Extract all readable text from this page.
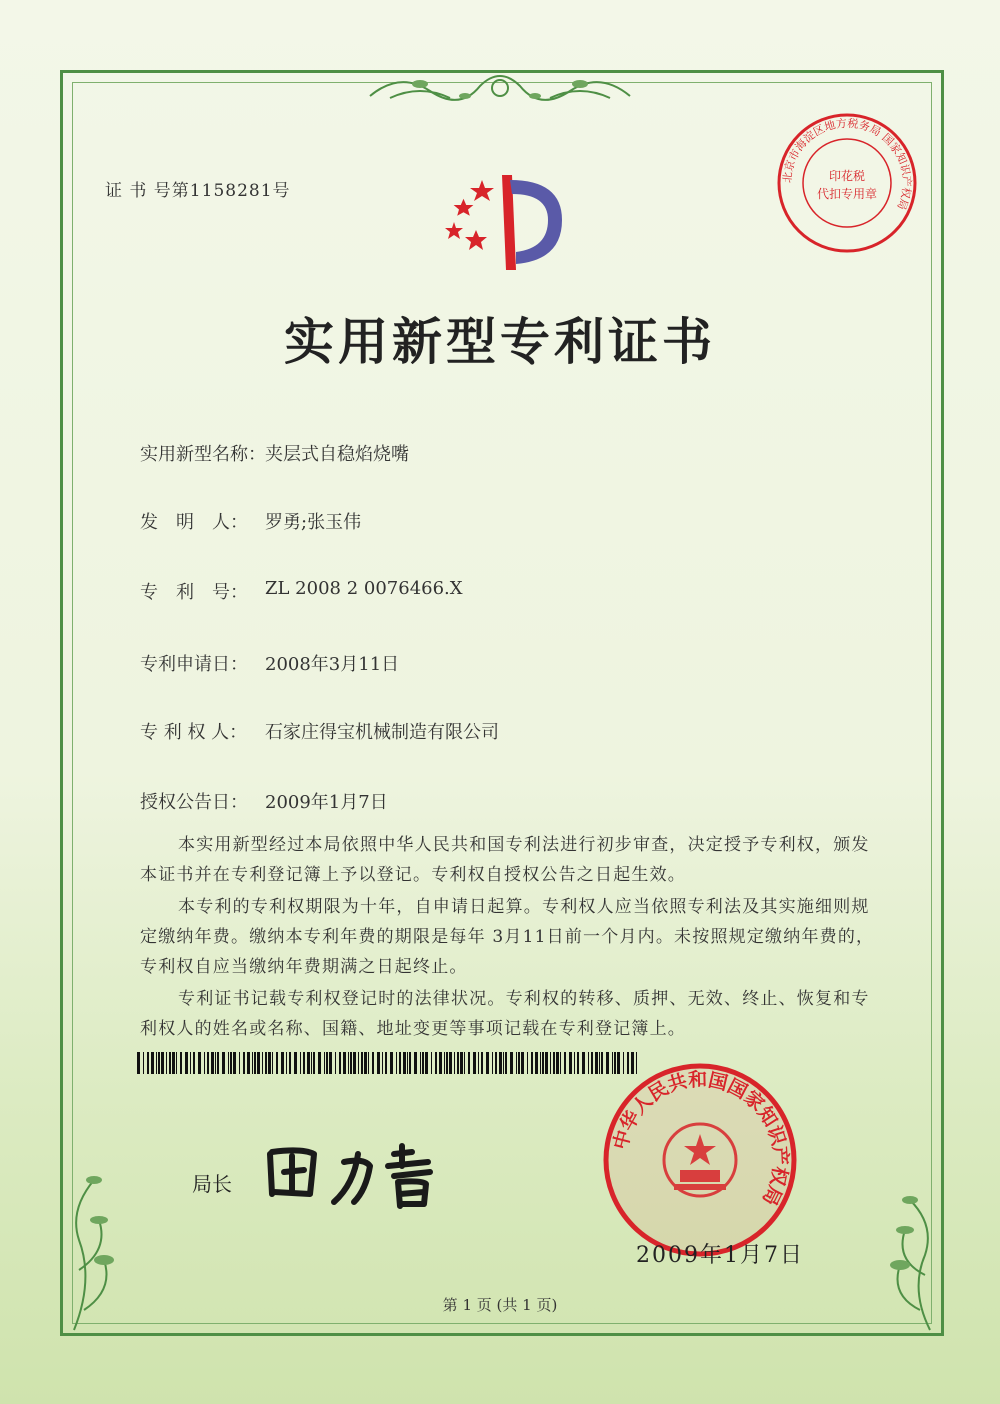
证 书 号第1158281号
实用新型专利证书
实用新型名称： 夹层式自稳焰烧嘴
发　明　人： 罗勇;张玉伟
专　利　号： ZL 2008 2 0076466.X
专利申请日： 2008年3月11日
专 利 权 人： 石家庄得宝机械制造有限公司
授权公告日： 2009年1月7日
本实用新型经过本局依照中华人民共和国专利法进行初步审查，决定授予专利权，颁发本证书并在专利登记簿上予以登记。专利权自授权公告之日起生效。
本专利的专利权期限为十年，自申请日起算。专利权人应当依照专利法及其实施细则规定缴纳年费。缴纳本专利年费的期限是每年 3月11日前一个月内。未按照规定缴纳年费的，专利权自应当缴纳年费期满之日起终止。
专利证书记载专利权登记时的法律状况。专利权的转移、质押、无效、终止、恢复和专利权人的姓名或名称、国籍、地址变更等事项记载在专利登记簿上。
局长
中华人民共和国国家知识产权局
北京市海淀区地方税务局 国家知识产权局
印花税
代扣专用章
2009年1月7日
第 1 页 (共 1 页)
